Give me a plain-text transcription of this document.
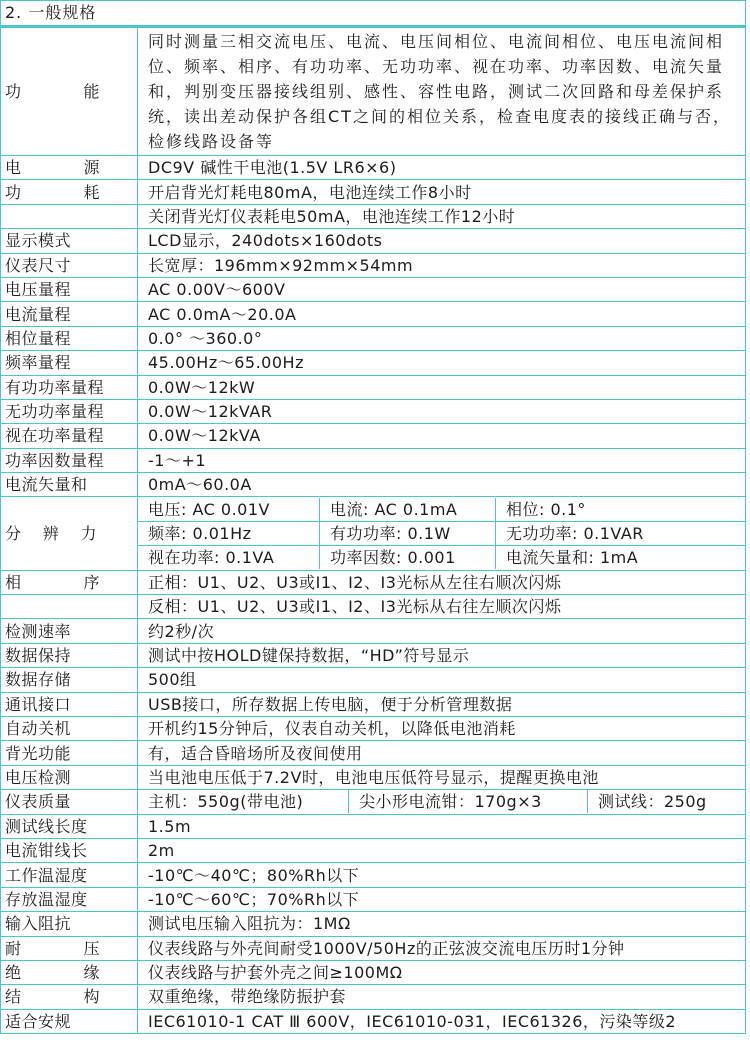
2. 一般规格
功 能	同时测量三相交流电压、电流、电压间相位、电流间相位、电压电流间相位、频率、相序、有功功率、无功功率、视在功率、功率因数、电流矢量和，判别变压器接线组别、感性、容性电路，测试二次回路和母差保护系统，读出差动保护各组CT之间的相位关系，检查电度表的接线正确与否，检修线路设备等

电 源	DC9V 碱性干电池(1.5V LR6×6)

功 耗	开启背光灯耗电80mA，电池连续工作8小时
	关闭背光灯仪表耗电50mA，电池连续工作12小时
显示模式	LCD显示，240dots×160dots
仪表尺寸	长宽厚：196mm×92mm×54mm
电压量程	AC 0.00V～600V
电流量程	AC 0.0mA～20.0A
相位量程	0.0° ～360.0°
频率量程	45.00Hz～65.00Hz
有功功率量程	0.0W～12kW
无功功率量程	0.0W～12kVAR
视在功率量程	0.0W～12kVA
功率因数量程	-1～+1
电流矢量和	0mA～60.0A

分 辨 力

电压: AC 0.01V	电流: AC 0.1mA	相位: 0.1°

	频率: 0.01Hz 有功功率: 0.1W 无功功率: 0.1VAR

	视在功率: 0.1VA 功率因数: 0.001 电流矢量和: 1mA

相 序	正相：U1、U2、U3或I1、I2、I3光标从左往右顺次闪烁
	反相：U1、U2、U3或I1、I2、I3光标从右往左顺次闪烁
检测速率	约2秒/次
数据保持	测试中按HOLD键保持数据，“HD”符号显示
数据存储	500组
通讯接口	USB接口，所存数据上传电脑，便于分析管理数据
自动关机	开机约15分钟后，仪表自动关机，以降低电池消耗
背光功能	有，适合昏暗场所及夜间使用
电压检测	当电池电压低于7.2V时，电池电压低符号显示，提醒更换电池
仪表质量	主机：550g(带电池) 尖小形电流钳：170g×3 测试线：250g

测试线长度	1.5m
电流钳线长	2m
工作温湿度	-10℃～40℃；80%Rh以下
存放温湿度	-10℃～60℃；70%Rh以下
输入阻抗	测试电压输入阻抗为：1MΩ

耐 压	仪表线路与外壳间耐受1000V/50Hz的正弦波交流电压历时1分钟

绝 缘	仪表线路与护套外壳之间≥100MΩ

结 构	双重绝缘，带绝缘防振护套
适合安规	IEC61010-1 CAT Ⅲ 600V，IEC61010-031，IEC61326，污染等级2
